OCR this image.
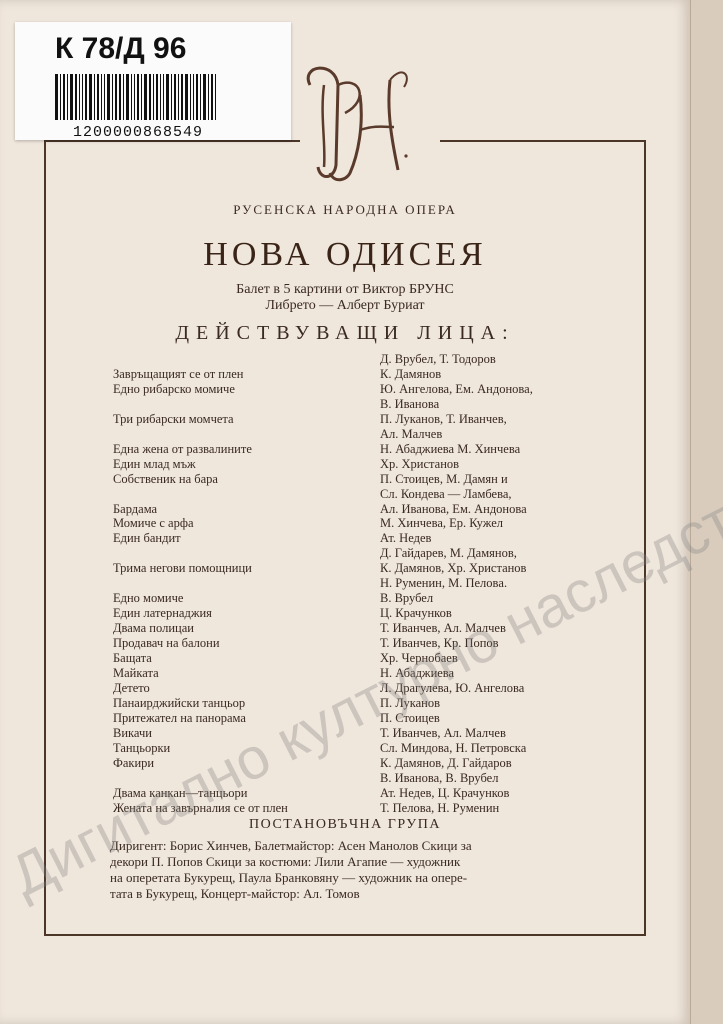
К 78/Д 96
1200000868549
РУСЕНСКА НАРОДНА ОПЕРА
НОВА ОДИСЕЯ
Балет в 5 картини от Виктор БРУНС
Либрето — Алберт Буриат
ДЕЙСТВУВАЩИ ЛИЦА:
Д. Врубел, Т. Тодоров
Завръщащият се от плен	К. Дамянов
Едно рибарско момиче	Ю. Ангелова, Ем. Андонова,
В. Иванова
Три рибарски момчета	П. Луканов, Т. Иванчев,
Ал. Малчев
Една жена от развалините	Н. Абаджиева М. Хинчева
Един млад мъж	Хр. Христанов
Собственик на бара	П. Стоицев, М. Дамян и
Сл. Кондева — Ламбева,
Бардама	Ал. Иванова, Ем. Андонова
Момиче с арфа	М. Хинчева, Ер. Кужел
Един бандит	Ат. Недев
Д. Гайдарев, М. Дамянов,
Трима негови помощници	К. Дамянов, Хр. Христанов
Н. Руменин, М. Пеловa.
Едно момиче	В. Врубел
Един латернаджия	Ц. Крачунков
Двама полицаи	Т. Иванчев, Ал. Малчев
Продавач на балони	Т. Иванчев, Кр. Попов
Бащата	Хр. Чернобаев
Майката	Н. Абаджиева
Детето	Л. Драгулева, Ю. Ангелова
Панаирджийски танцьор	П. Луканов
Притежател на панорама	П. Стоицев
Викачи	Т. Иванчев, Ал. Малчев
Танцьорки	Сл. Миндова, Н. Петровска
Факири	К. Дамянов, Д. Гайдаров
В. Иванова, В. Врубел
Двама канкан—танцьори	Ат. Недев, Ц. Крачунков
Жената на завърналия се от плен	Т. Пеловa, Н. Руменин
ПОСТАНОВЪЧНА ГРУПА
Диригент: Борис Хинчев, Балетмайстор: Асен Манолов Скици за
декори П. Попов Скици за костюми: Лили Агапие — художник
на оперетата Букурещ, Паула Бранковяну — художник на опере-
тата в Букурещ, Концерт-майстор: Ал. Томов
Дигитално културно наследство
